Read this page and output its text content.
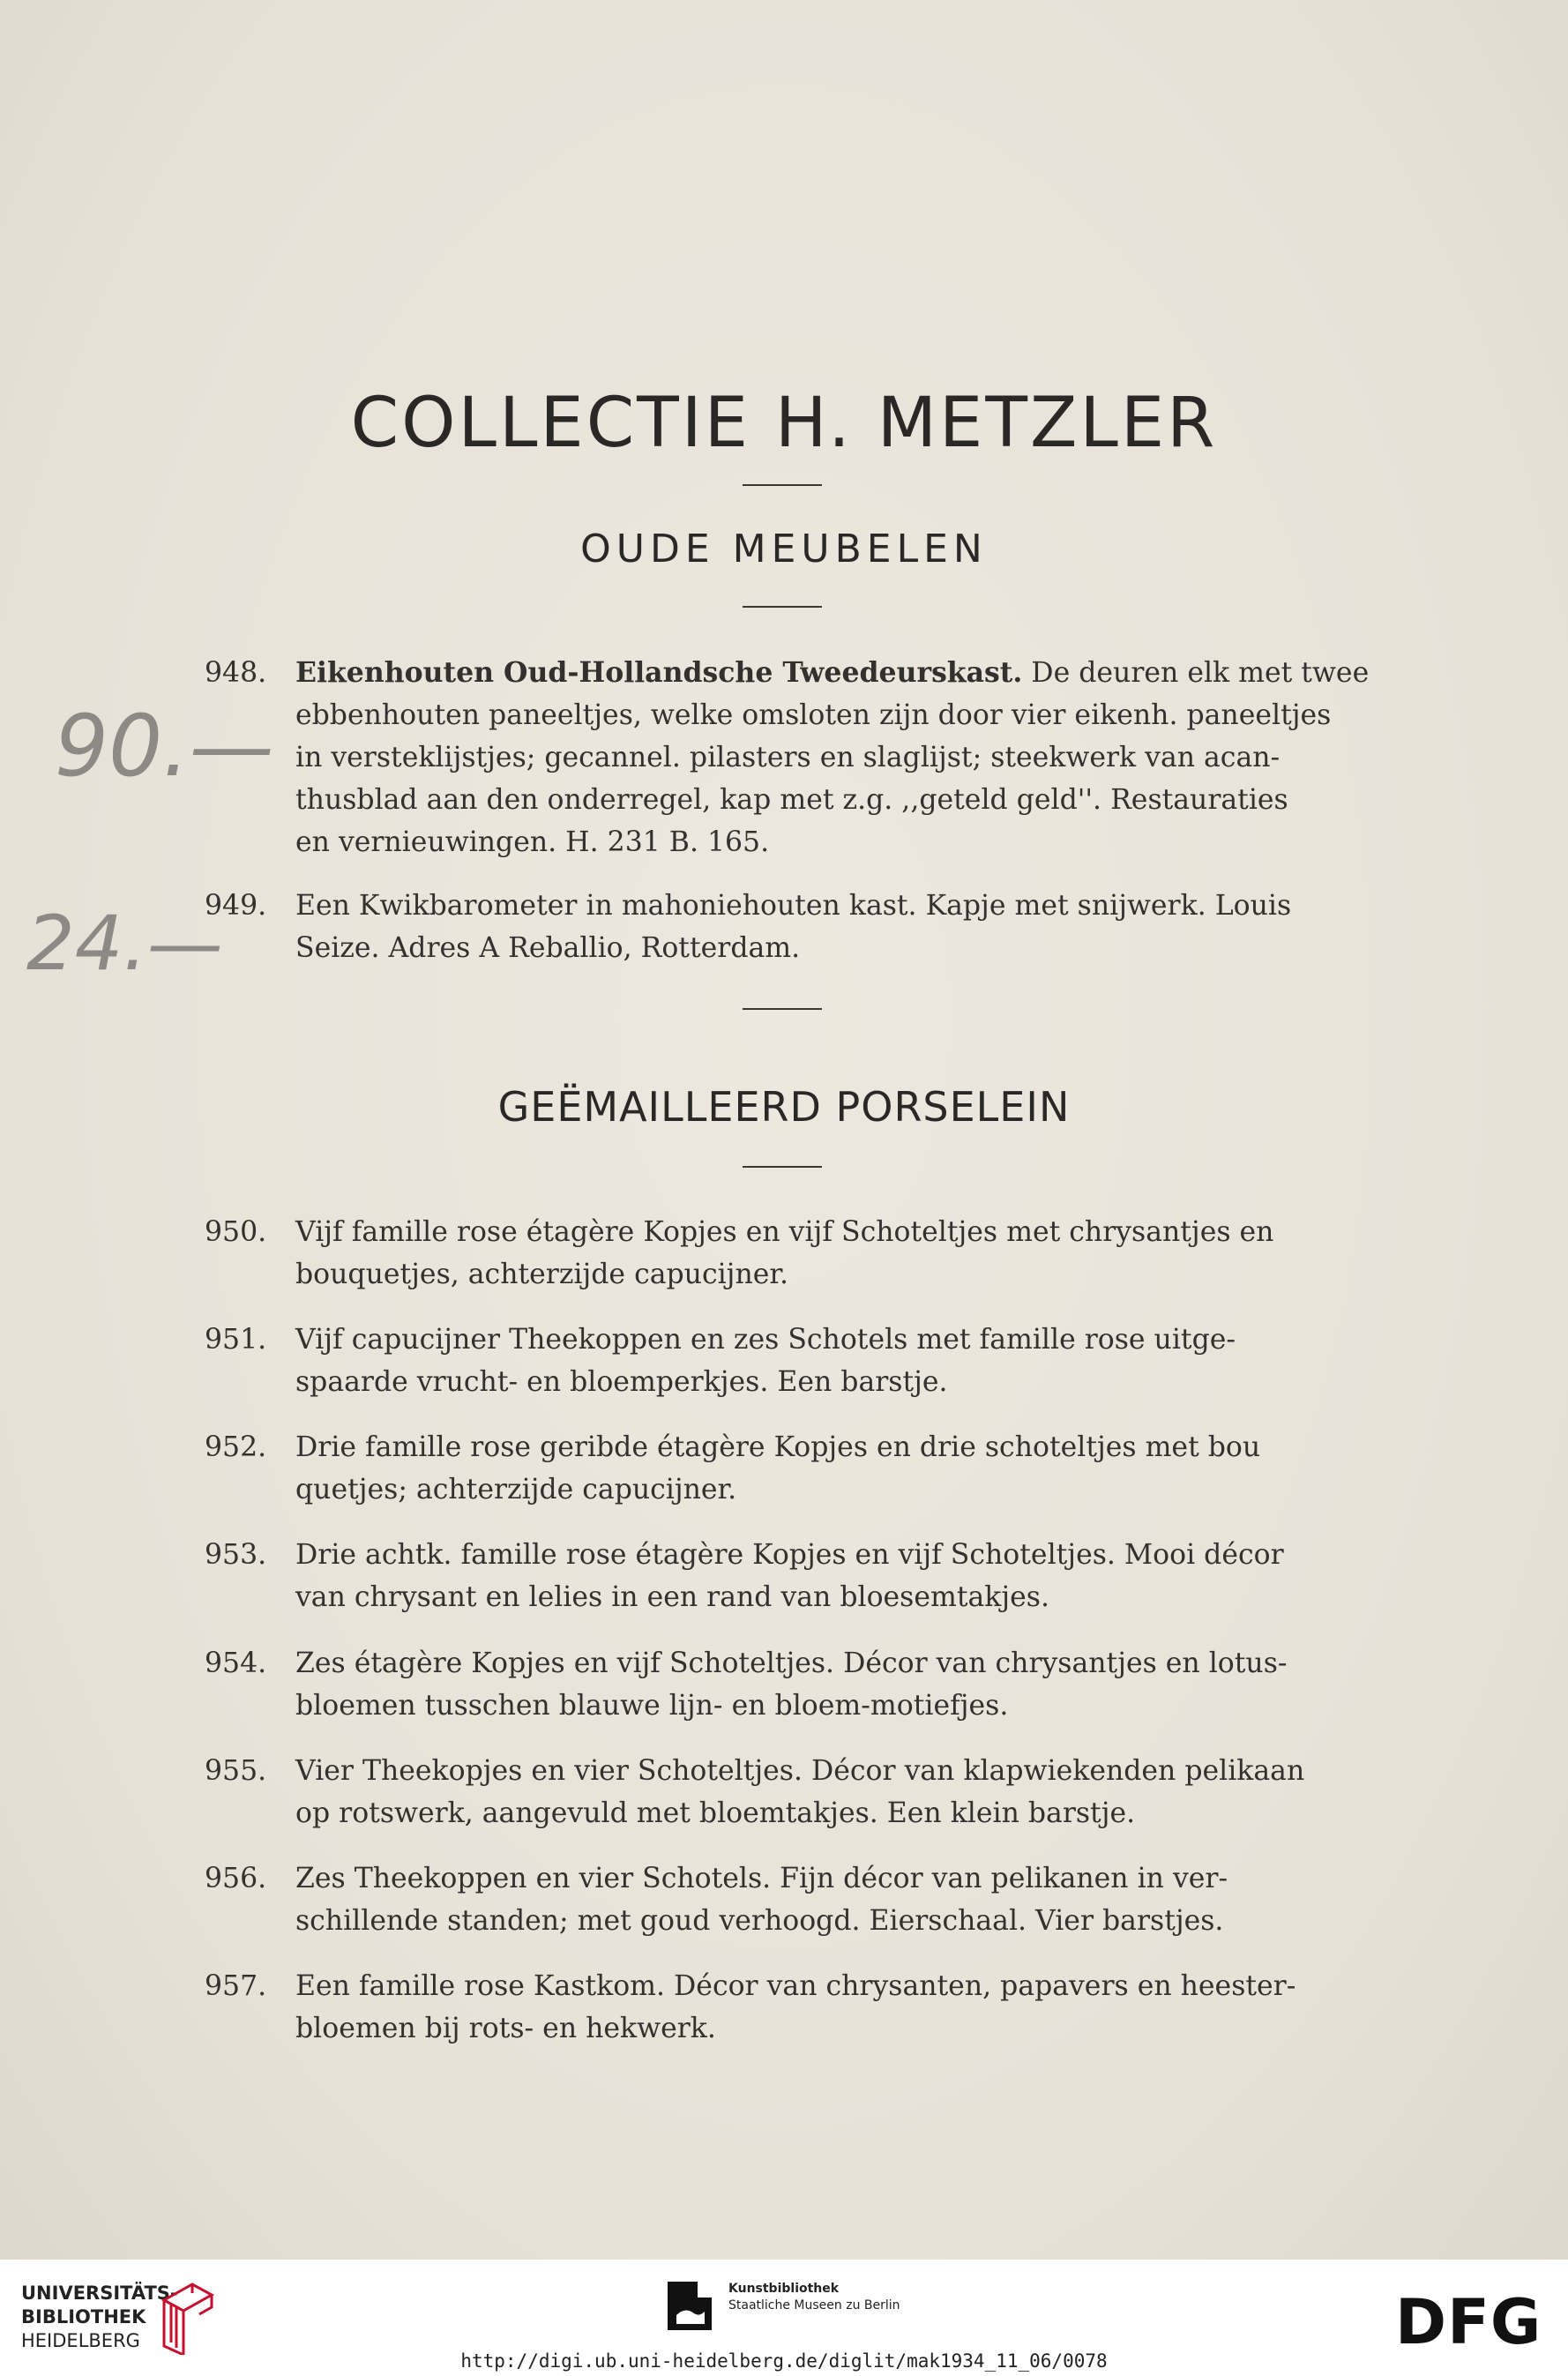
COLLECTIE H. METZLER
OUDE MEUBELEN
948.	Eikenhouten Oud-Hollandsche Tweedeurskast. De deuren elk met twee
ebbenhouten paneeltjes, welke omsloten zijn door vier eikenh. paneeltjes
in versteklijstjes; gecannel. pilasters en slaglijst; steekwerk van acan-
thusblad aan den onderregel, kap met z.g. ,,geteld geld''. Restauraties
en vernieuwingen. H. 231 B. 165.
949.	Een Kwikbarometer in mahoniehouten kast. Kapje met snijwerk. Louis
Seize. Adres A Reballio, Rotterdam.
GEËMAILLEERD PORSELEIN
950.	Vijf famille rose étagère Kopjes en vijf Schoteltjes met chrysantjes en
bouquetjes, achterzijde capucijner.
951.	Vijf capucijner Theekoppen en zes Schotels met famille rose uitge-
spaarde vrucht- en bloemperkjes. Een barstje.
952.	Drie famille rose geribde étagère Kopjes en drie schoteltjes met bou
quetjes; achterzijde capucijner.
953.	Drie achtk. famille rose étagère Kopjes en vijf Schoteltjes. Mooi décor
van chrysant en lelies in een rand van bloesemtakjes.
954.	Zes étagère Kopjes en vijf Schoteltjes. Décor van chrysantjes en lotus-
bloemen tusschen blauwe lijn- en bloem-motiefjes.
955.	Vier Theekopjes en vier Schoteltjes. Décor van klapwiekenden pelikaan
op rotswerk, aangevuld met bloemtakjes. Een klein barstje.
956.	Zes Theekoppen en vier Schotels. Fijn décor van pelikanen in ver-
schillende standen; met goud verhoogd. Eierschaal. Vier barstjes.
957.	Een famille rose Kastkom. Décor van chrysanten, papavers en heester-
bloemen bij rots- en hekwerk.
90.—
24.—
UNIVERSITÄTS-
BIBLIOTHEK
HEIDELBERG
Kunstbibliothek
Staatliche Museen zu Berlin	DFG
http://digi.ub.uni-heidelberg.de/diglit/mak1934_11_06/0078
